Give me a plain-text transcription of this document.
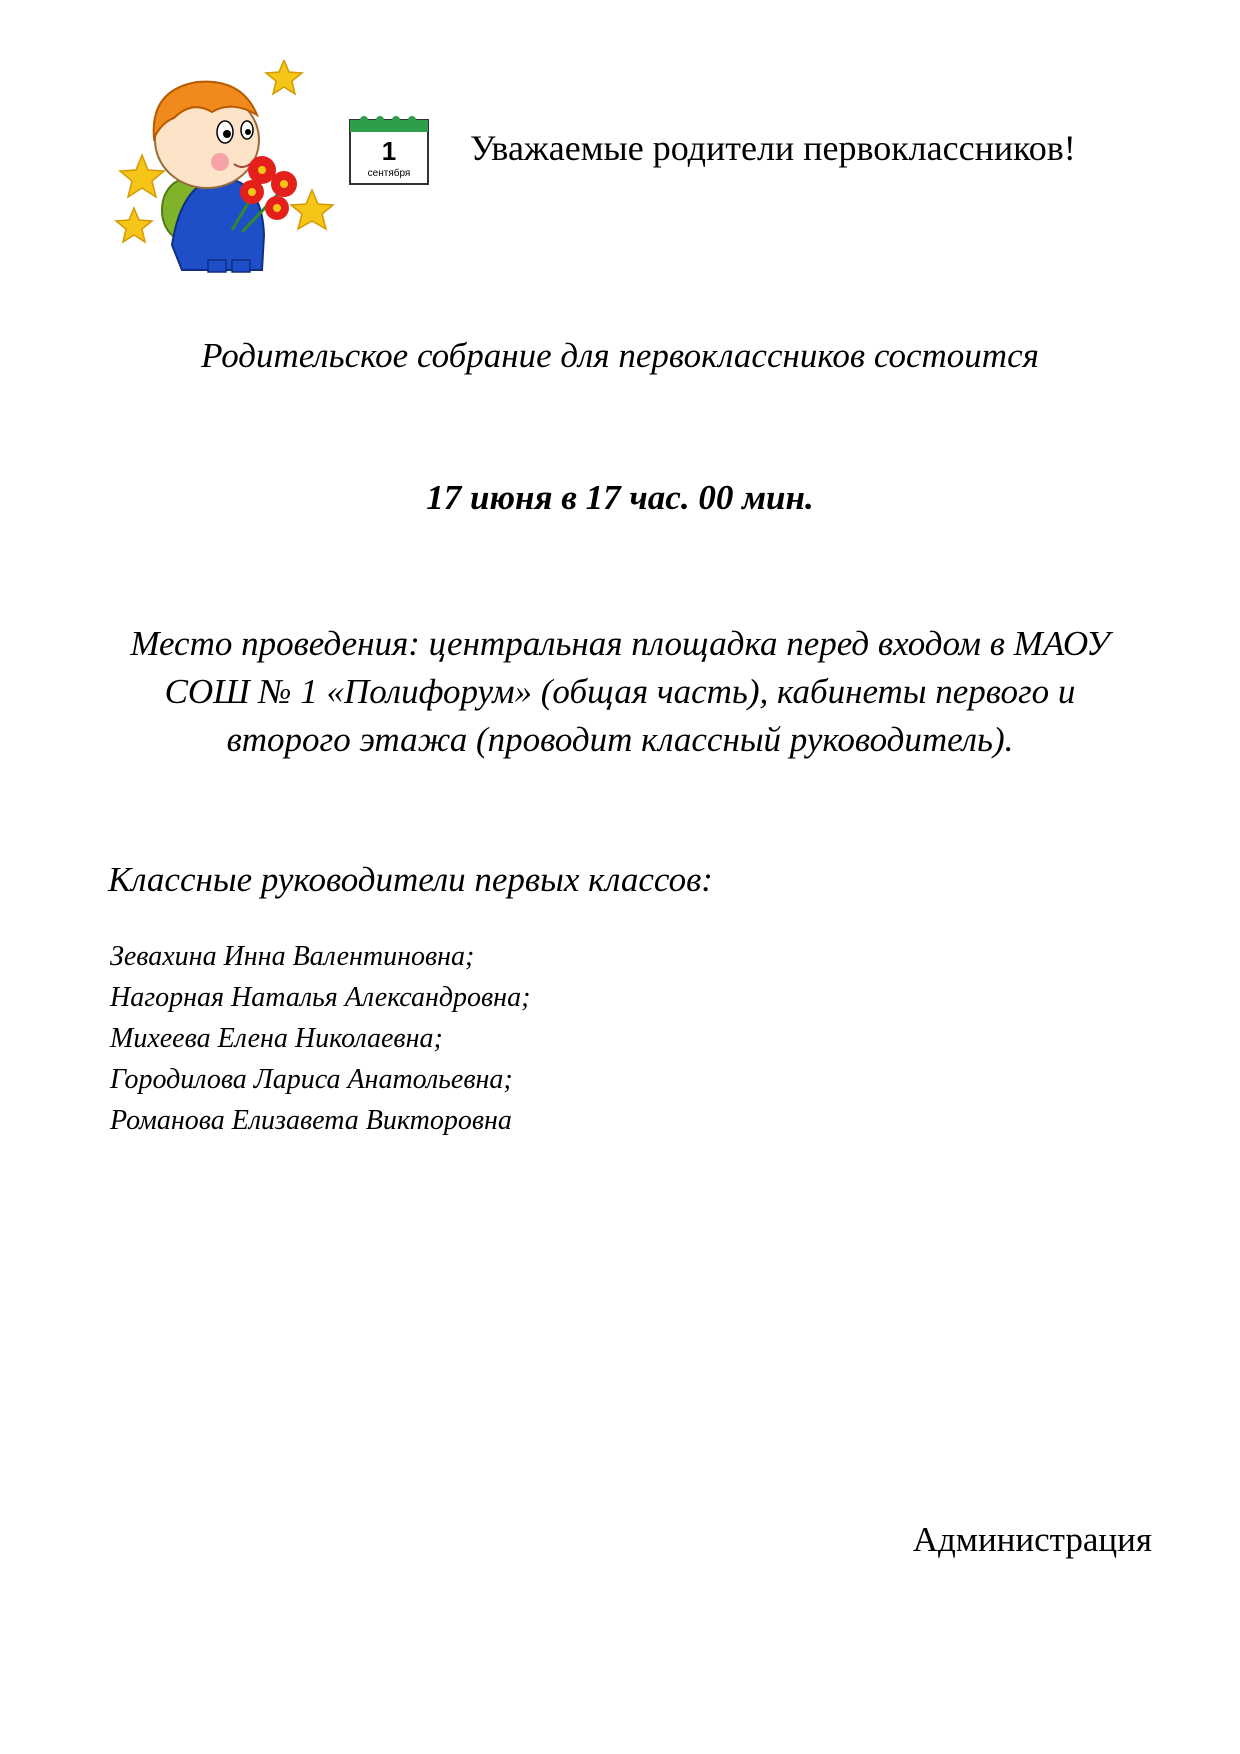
1
сентября
Уважаемые родители первоклассников!
Родительское собрание для первоклассников состоится
17 июня в 17 час. 00 мин.
Место проведения: центральная площадка перед входом в МАОУ
СОШ № 1 «Полифорум» (общая часть), кабинеты первого и
второго этажа (проводит классный руководитель).
Классные руководители первых классов:
Зевахина Инна Валентиновна;
Нагорная Наталья Александровна;
Михеева Елена Николаевна;
Городилова Лариса Анатольевна;
Романова Елизавета Викторовна
Администрация
